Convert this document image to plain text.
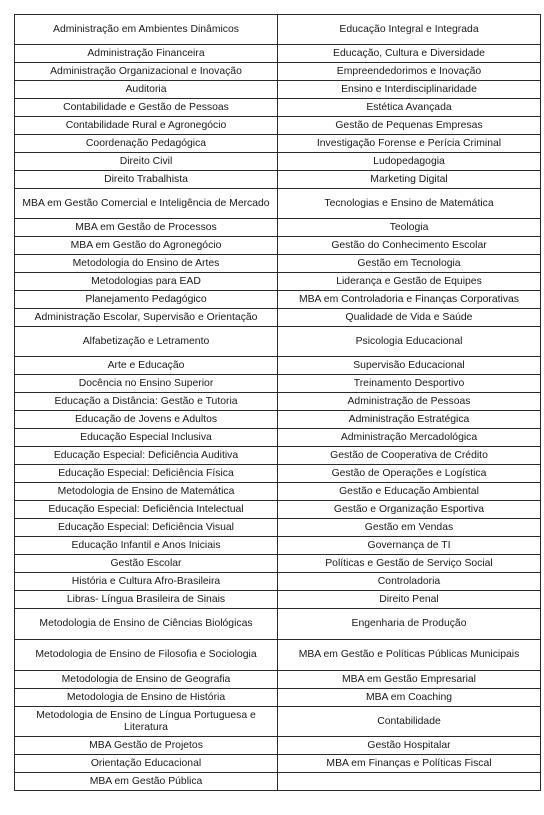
Administração em Ambientes Dinâmicos	Educação Integral e Integrada
Administração Financeira	Educação, Cultura e Diversidade
Administração Organizacional e Inovação	Empreendedorimos e Inovação
Auditoria	Ensino e Interdisciplinaridade
Contabilidade e Gestão de Pessoas	Estética Avançada
Contabilidade Rural e Agronegócio	Gestão de Pequenas Empresas
Coordenação Pedagógica	Investigação Forense e Perícia Criminal
Direito Civil	Ludopedagogia
Direito Trabalhista	Marketing Digital
MBA em Gestão Comercial e Inteligência de Mercado	Tecnologias e Ensino de Matemática
MBA em Gestão de Processos	Teologia
MBA em Gestão do Agronegócio	Gestão do Conhecimento Escolar
Metodologia do Ensino de Artes	Gestão em Tecnologia
Metodologias para EAD	Liderança e Gestão de Equipes
Planejamento Pedagógico	MBA em Controladoria e Finanças Corporativas
Administração Escolar, Supervisão e Orientação	Qualidade de Vida e Saúde
Alfabetização e Letramento	Psicologia Educacional
Arte e Educação	Supervisão Educacional
Docência no Ensino Superior	Treinamento Desportivo
Educação a Distância: Gestão e Tutoria	Administração de Pessoas
Educação de Jovens e Adultos	Administração Estratégica
Educação Especial Inclusiva	Administração Mercadológica
Educação Especial: Deficiência Auditiva	Gestão de Cooperativa de Crédito
Educação Especial: Deficiência Física	Gestão de Operações e Logística
Metodologia de Ensino de Matemática	Gestão e Educação Ambiental
Educação Especial: Deficiência Intelectual	Gestão e Organização Esportiva
Educação Especial: Deficiência Visual	Gestão em Vendas
Educação Infantil e Anos Iniciais	Governança de TI
Gestão Escolar	Políticas e Gestão de Serviço Social
História e Cultura Afro-Brasileira	Controladoria
Libras- Língua Brasileira de Sinais	Direito Penal
Metodologia de Ensino de Ciências Biológicas	Engenharia de Produção
Metodologia de Ensino de Filosofia e Sociologia	MBA em Gestão e Políticas Públicas Municipais
Metodologia de Ensino de Geografia	MBA em Gestão Empresarial
Metodologia de Ensino de História	MBA em Coaching
Metodologia de Ensino de Língua Portuguesa e Literatura	Contabilidade
MBA Gestão de Projetos	Gestão Hospitalar
Orientação Educacional	MBA em Finanças e Políticas Fiscal
MBA em Gestão Pública	
